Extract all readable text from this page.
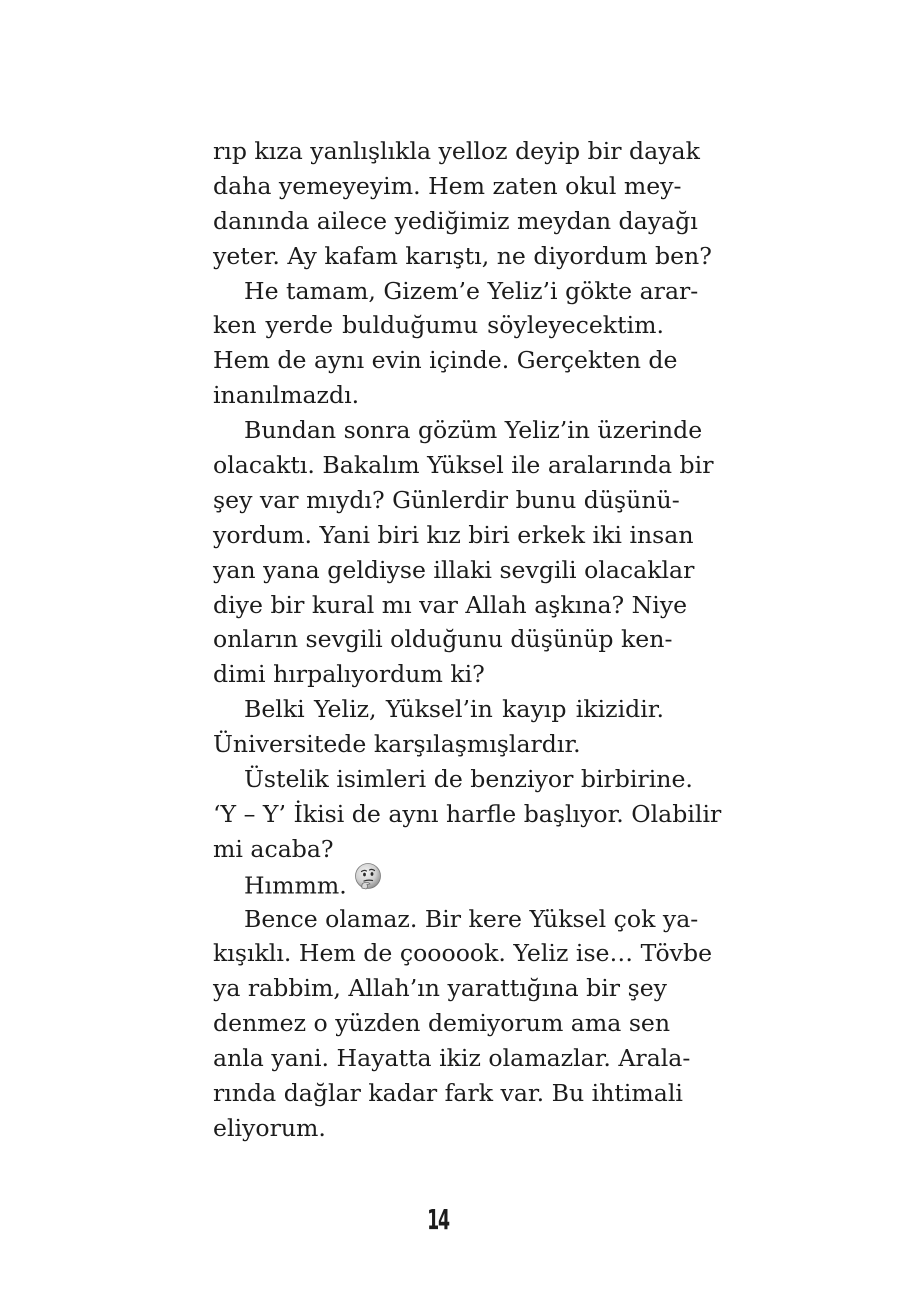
rıp kıza yanlışlıkla yelloz deyip bir dayak
daha yemeyeyim. Hem zaten okul mey-
danında ailece yediğimiz meydan dayağı
yeter. Ay kafam karıştı, ne diyordum ben?
He tamam, Gizem’e Yeliz’i gökte arar-
ken yerde bulduğumu söyleyecektim.
Hem de aynı evin içinde. Gerçekten de
inanılmazdı.
Bundan sonra gözüm Yeliz’in üzerinde
olacaktı. Bakalım Yüksel ile aralarında bir
şey var mıydı? Günlerdir bunu düşünü-
yordum. Yani biri kız biri erkek iki insan
yan yana geldiyse illaki sevgili olacaklar
diye bir kural mı var Allah aşkına? Niye
onların sevgili olduğunu düşünüp ken-
dimi hırpalıyordum ki?
Belki Yeliz, Yüksel’in kayıp ikizidir.
Üniversitede karşılaşmışlardır.
Üstelik isimleri de benziyor birbirine.
‘Y – Y’ İkisi de aynı harfle başlıyor. Olabilir
mi acaba?
Hımmm.
Bence olamaz. Bir kere Yüksel çok ya-
kışıklı. Hem de çoooook. Yeliz ise… Tövbe
ya rabbim, Allah’ın yarattığına bir şey
denmez o yüzden demiyorum ama sen
anla yani. Hayatta ikiz olamazlar. Arala-
rında dağlar kadar fark var. Bu ihtimali
eliyorum.
14
